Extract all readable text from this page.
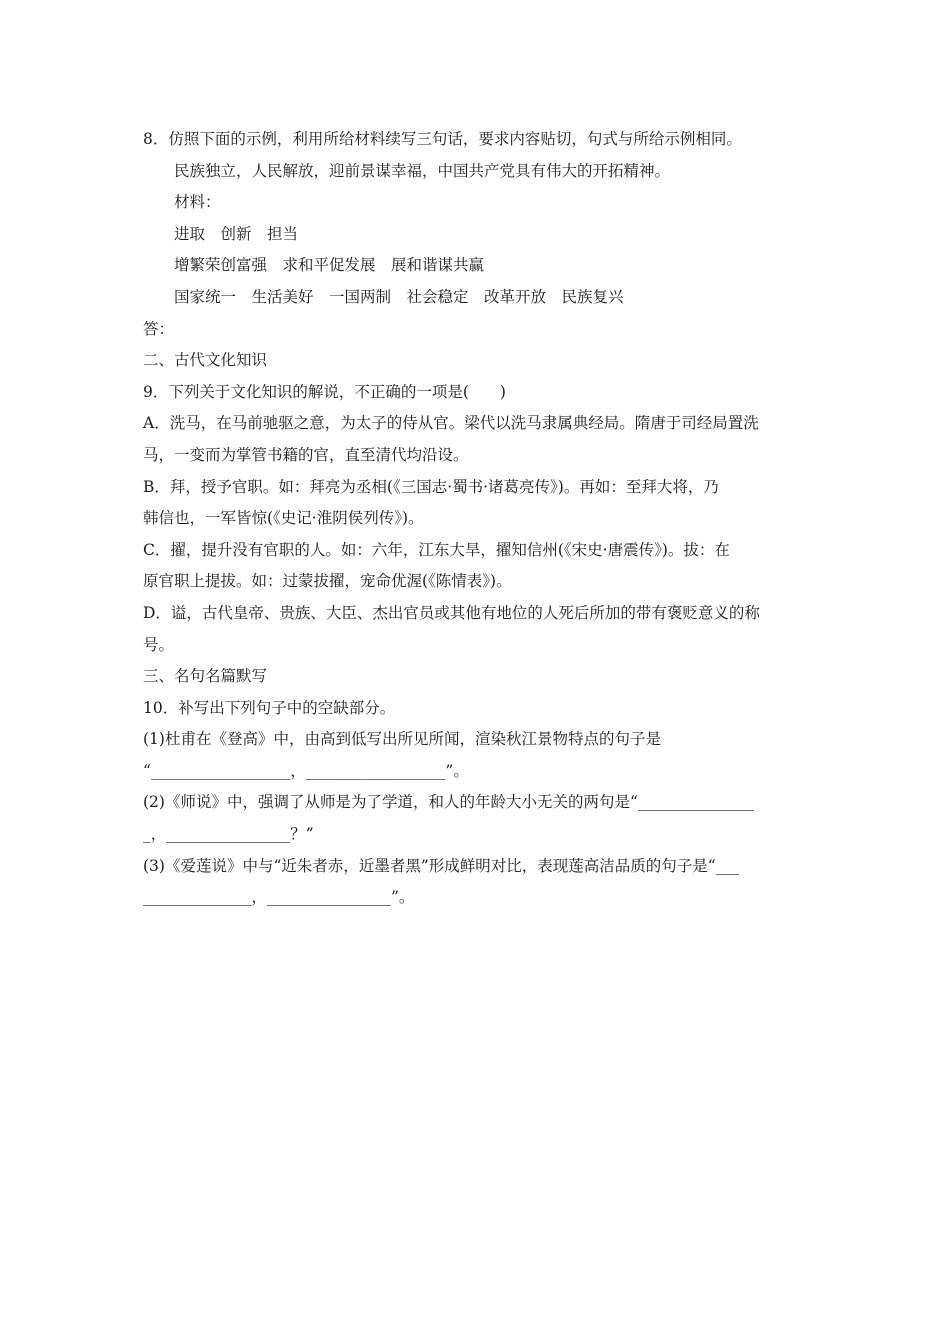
8．仿照下面的示例，利用所给材料续写三句话，要求内容贴切，句式与所给示例相同。
民族独立，人民解放，迎前景谋幸福，中国共产党具有伟大的开拓精神。
材料：
进取　创新　担当
增繁荣创富强　求和平促发展　展和谐谋共赢
国家统一　生活美好　一国两制　社会稳定　改革开放　民族复兴
答：
二、古代文化知识
9．下列关于文化知识的解说，不正确的一项是(　　)
A．洗马，在马前驰驱之意，为太子的侍从官。梁代以洗马隶属典经局。隋唐于司经局置洗
马，一变而为掌管书籍的官，直至清代均沿设。
B．拜，授予官职。如：拜亮为丞相(《三国志·蜀书·诸葛亮传》)。再如：至拜大将，乃
韩信也，一军皆惊(《史记·淮阴侯列传》)。
C．擢，提升没有官职的人。如：六年，江东大旱，擢知信州(《宋史·唐震传》)。拔：在
原官职上提拔。如：过蒙拔擢，宠命优渥(《陈情表》)。
D．谥，古代皇帝、贵族、大臣、杰出官员或其他有地位的人死后所加的带有褒贬意义的称
号。
三、名句名篇默写
10．补写出下列句子中的空缺部分。
(1)杜甫在《登高》中，由高到低写出所见所闻，渲染秋江景物特点的句子是
“__________________，__________________”。
(2)《师说》中，强调了从师是为了学道，和人的年龄大小无关的两句是“_______________
_，________________？”
(3)《爱莲说》中与“近朱者赤，近墨者黑”形成鲜明对比，表现莲高洁品质的句子是“___
______________，________________”。
